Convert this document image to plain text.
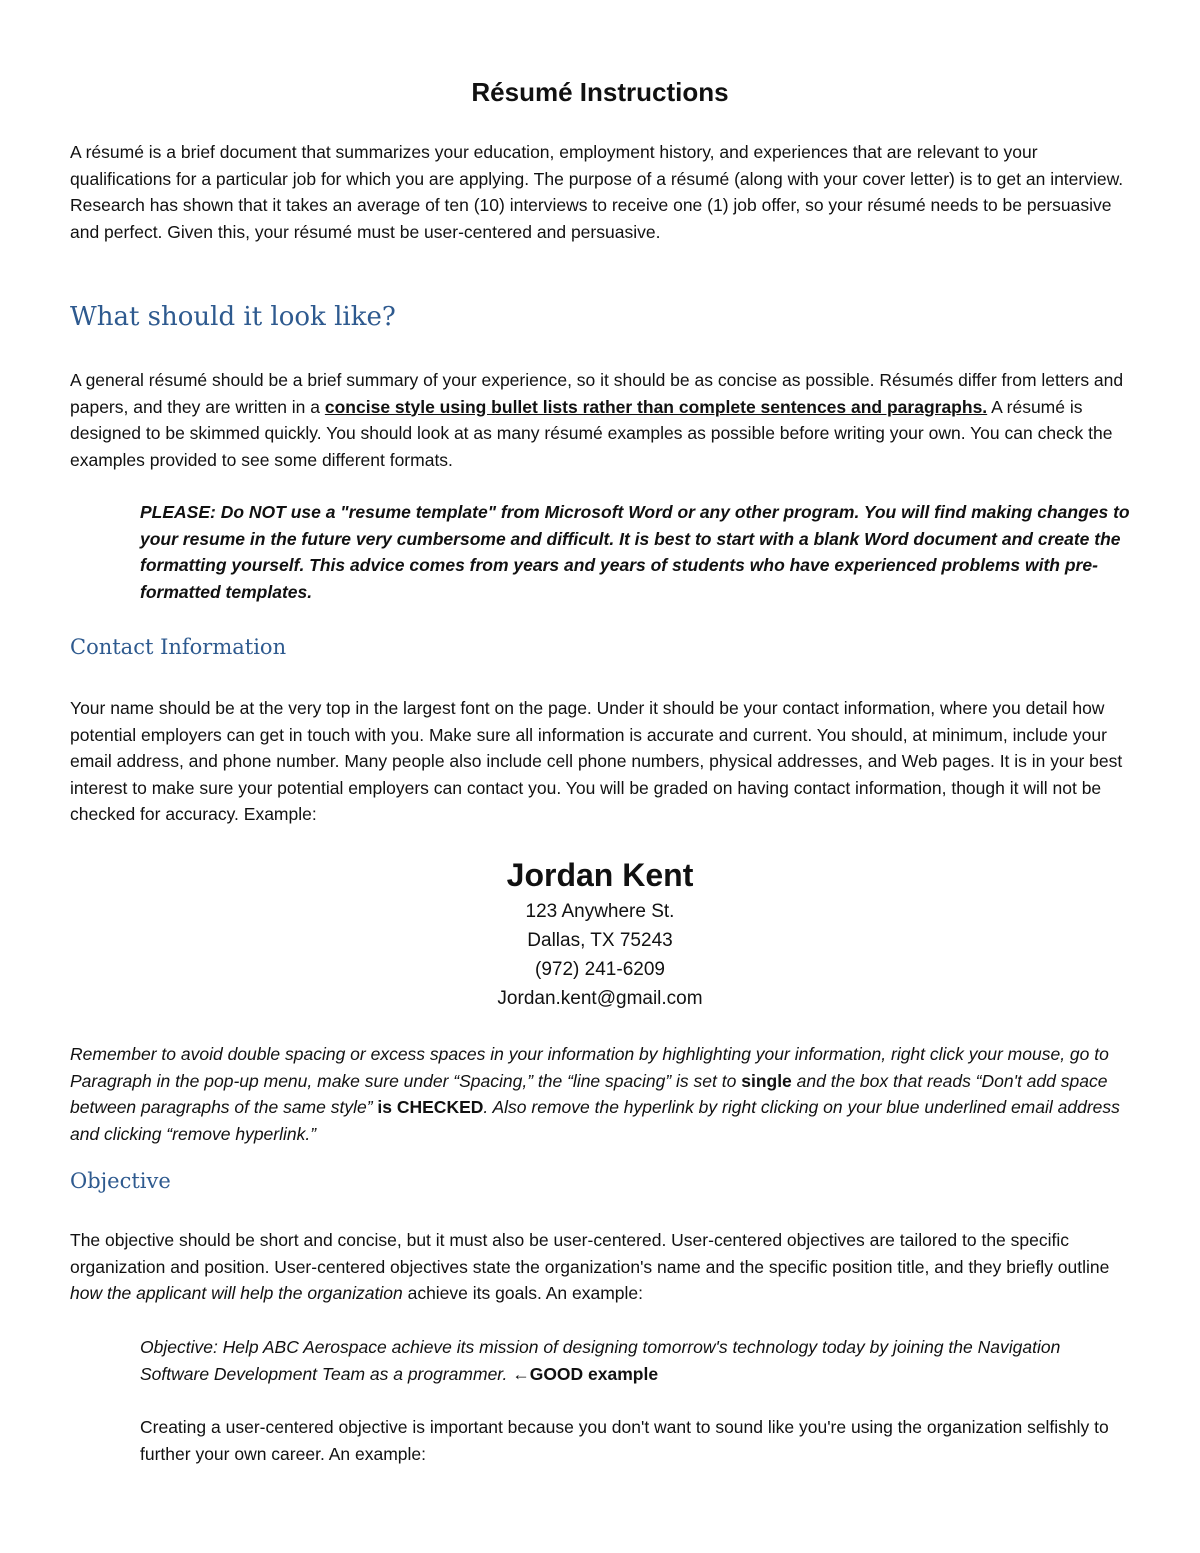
Résumé Instructions

A résumé is a brief document that summarizes your education, employment history, and experiences that are relevant to your qualifications for a particular job for which you are applying. The purpose of a résumé (along with your cover letter) is to get an interview. Research has shown that it takes an average of ten (10) interviews to receive one (1) job offer, so your résumé needs to be persuasive and perfect. Given this, your résumé must be user-centered and persuasive.

What should it look like?

A general résumé should be a brief summary of your experience, so it should be as concise as possible. Résumés differ from letters and papers, and they are written in a concise style using bullet lists rather than complete sentences and paragraphs. A résumé is designed to be skimmed quickly. You should look at as many résumé examples as possible before writing your own. You can check the examples provided to see some different formats.

PLEASE: Do NOT use a "resume template" from Microsoft Word or any other program. You will find making changes to your resume in the future very cumbersome and difficult. It is best to start with a blank Word document and create the formatting yourself. This advice comes from years and years of students who have experienced problems with pre-formatted templates.

Contact Information

Your name should be at the very top in the largest font on the page. Under it should be your contact information, where you detail how potential employers can get in touch with you. Make sure all information is accurate and current. You should, at minimum, include your email address, and phone number. Many people also include cell phone numbers, physical addresses, and Web pages. It is in your best interest to make sure your potential employers can contact you. You will be graded on having contact information, though it will not be checked for accuracy. Example:

Jordan Kent
123 Anywhere St.
Dallas, TX 75243
(972) 241-6209
Jordan.kent@gmail.com

Remember to avoid double spacing or excess spaces in your information by highlighting your information, right click your mouse, go to Paragraph in the pop-up menu, make sure under “Spacing,” the “line spacing” is set to single and the box that reads “Don't add space between paragraphs of the same style” is CHECKED. Also remove the hyperlink by right clicking on your blue underlined email address and clicking “remove hyperlink.”

Objective

The objective should be short and concise, but it must also be user-centered. User-centered objectives are tailored to the specific organization and position. User-centered objectives state the organization's name and the specific position title, and they briefly outline how the applicant will help the organization achieve its goals. An example:

Objective: Help ABC Aerospace achieve its mission of designing tomorrow's technology today by joining the Navigation Software Development Team as a programmer. ←GOOD example

Creating a user-centered objective is important because you don't want to sound like you're using the organization selfishly to further your own career. An example:
